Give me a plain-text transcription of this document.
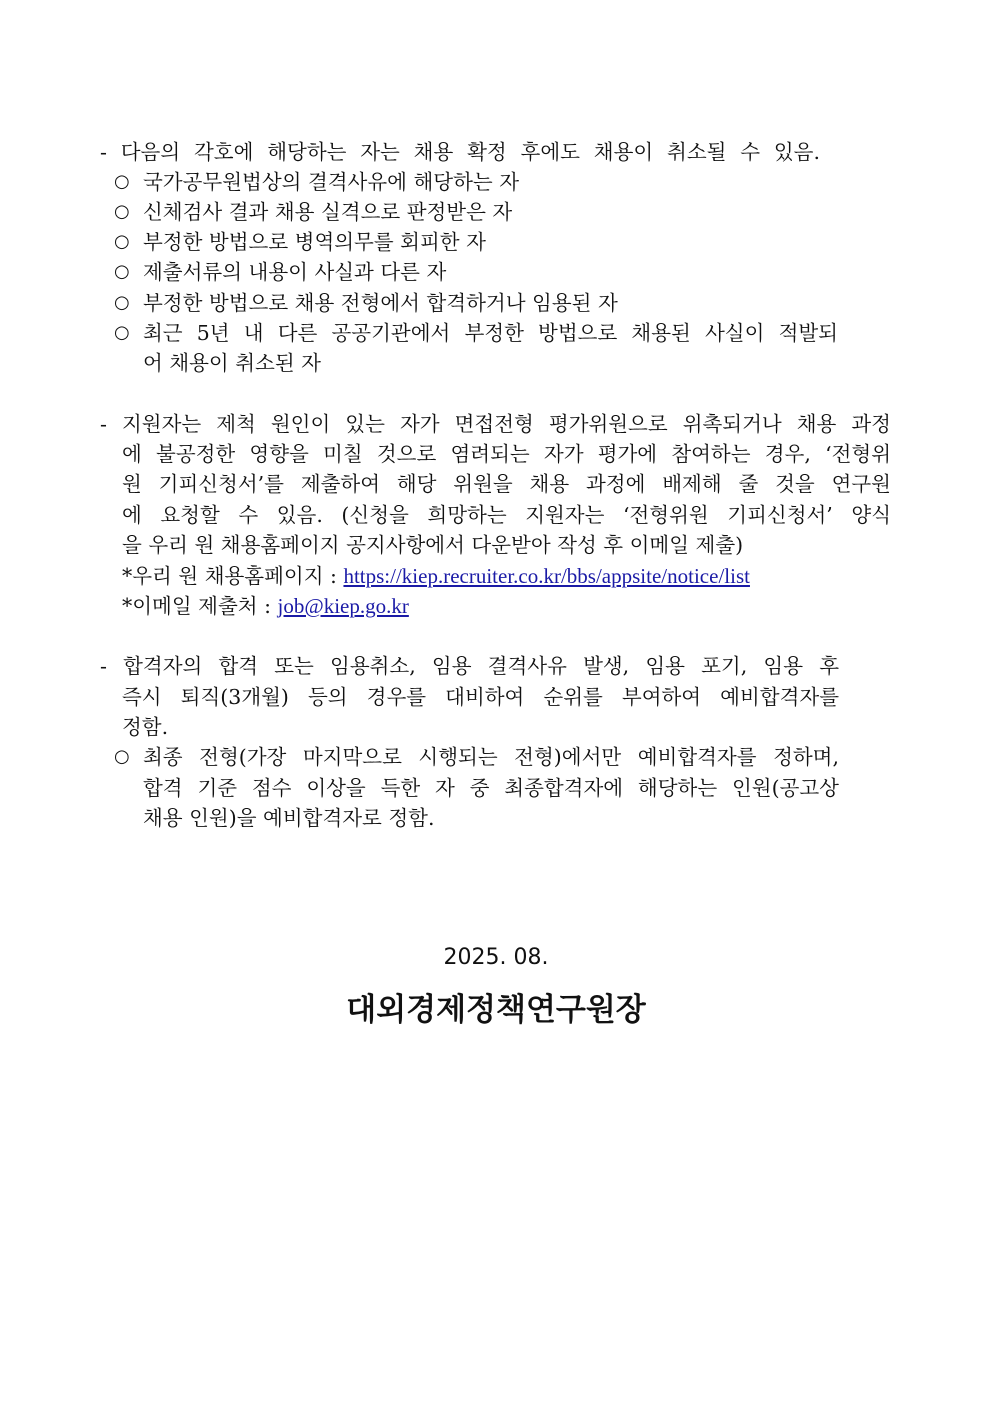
- 다음의 각호에 해당하는 자는 채용 확정 후에도 채용이 취소될 수 있음.
○ 국가공무원법상의 결격사유에 해당하는 자
○ 신체검사 결과 채용 실격으로 판정받은 자
○ 부정한 방법으로 병역의무를 회피한 자
○ 제출서류의 내용이 사실과 다른 자
○ 부정한 방법으로 채용 전형에서 합격하거나 임용된 자
○ 최근 5년 내 다른 공공기관에서 부정한 방법으로 채용된 사실이 적발되
어 채용이 취소된 자
- 지원자는 제척 원인이 있는 자가 면접전형 평가위원으로 위촉되거나 채용 과정
에 불공정한 영향을 미칠 것으로 염려되는 자가 평가에 참여하는 경우, ‘전형위
원 기피신청서’를 제출하여 해당 위원을 채용 과정에 배제해 줄 것을 연구원
에 요청할 수 있음. (신청을 희망하는 지원자는 ‘전형위원 기피신청서’ 양식
을 우리 원 채용홈페이지 공지사항에서 다운받아 작성 후 이메일 제출)
*우리 원 채용홈페이지 : https://kiep.recruiter.co.kr/bbs/appsite/notice/list
*이메일 제출처 : job@kiep.go.kr
- 합격자의 합격 또는 임용취소, 임용 결격사유 발생, 임용 포기, 임용 후
즉시 퇴직(3개월) 등의 경우를 대비하여 순위를 부여하여 예비합격자를
정함.
○ 최종 전형(가장 마지막으로 시행되는 전형)에서만 예비합격자를 정하며,
합격 기준 점수 이상을 득한 자 중 최종합격자에 해당하는 인원(공고상
채용 인원)을 예비합격자로 정함.
2025. 08.
대외경제정책연구원장
